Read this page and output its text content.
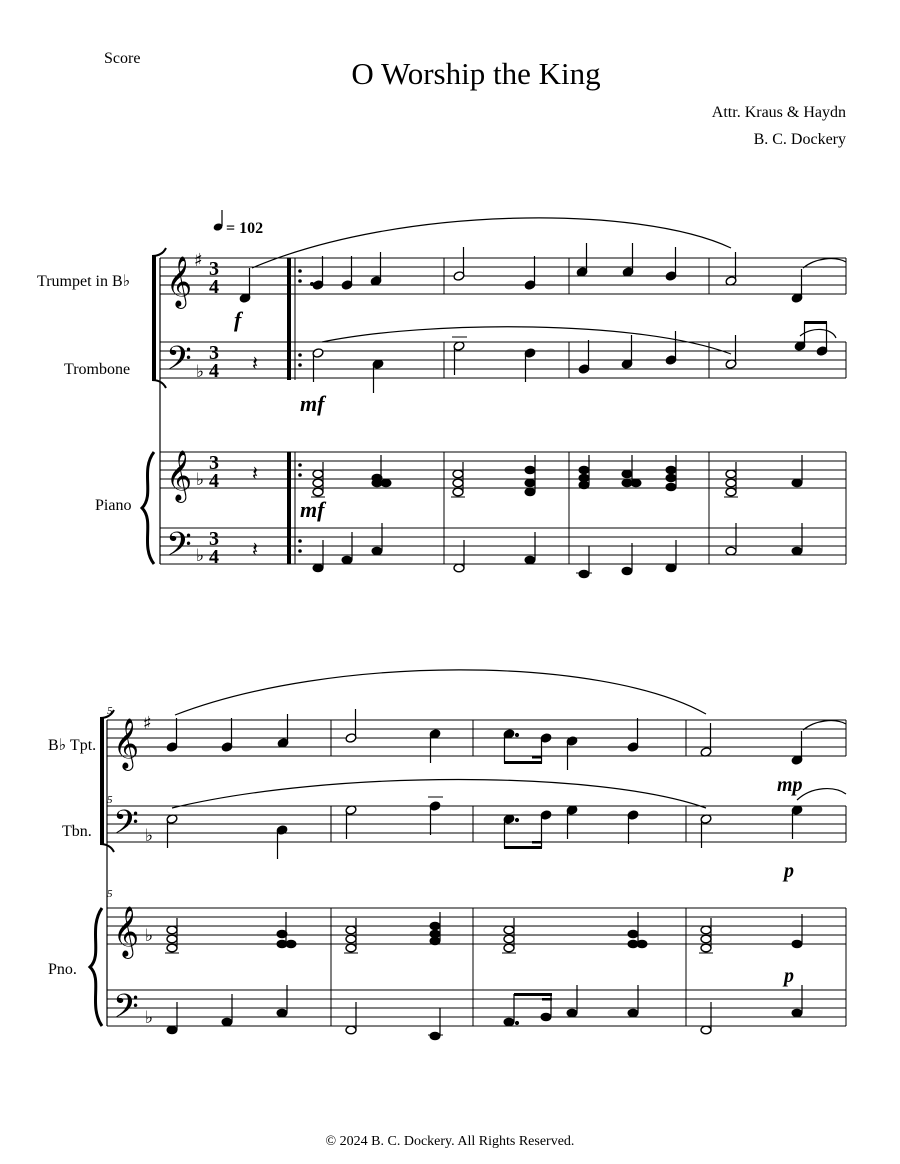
Score	O Worship the King
Attr. Kraus & Haydn
B. C. Dockery
= 102
Trumpet in B♭
Trombone
Piano
𝄞
𝄢
𝄞
𝄢
♯
♭
♭
♭
3
4
3
4
3
4
3
4
𝄽
𝄽
𝄽
f
mf
mf
5
5
5
B♭ Tpt.
Tbn.
Pno.
𝄞
𝄢
𝄞
𝄢
♯
♭
♭
♭
mp
p
p
© 2024 B. C. Dockery. All Rights Reserved.
